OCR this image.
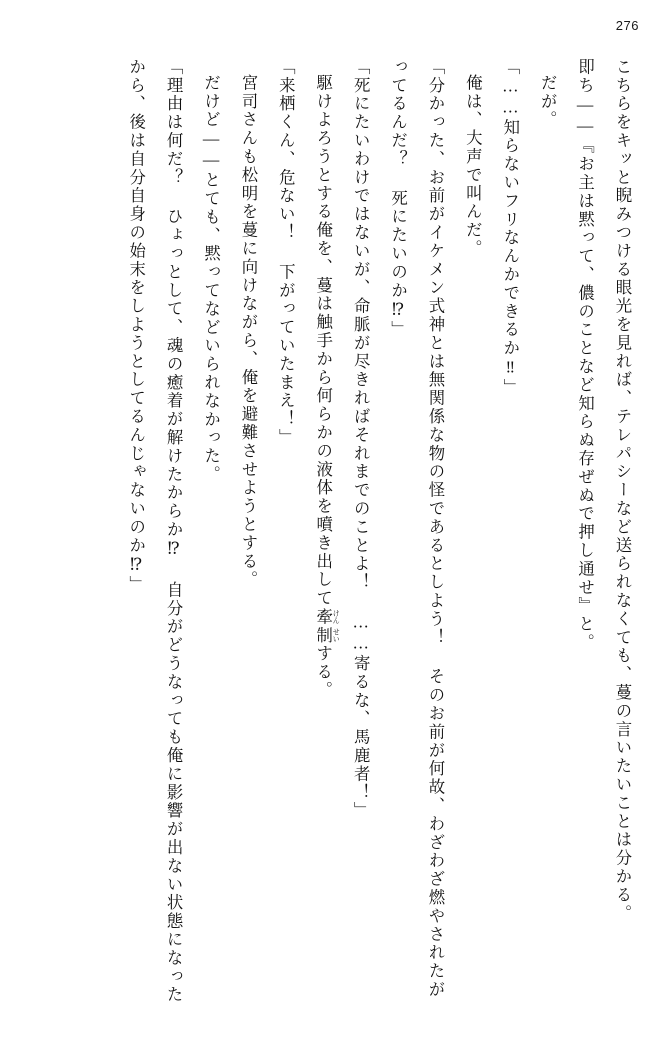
276

こちらをキッと睨みつける眼光を見れば、テレパシーなど送られなくても、蔓の言いたいことは分かる。

即ち――『お主は黙って、儂のことなど知らぬ存ぜぬで押し通せ』と。

だが。

「……知らないフリなんかできるか‼」

俺は、大声で叫んだ。

「分かった、お前がイケメン式神とは無関係な物の怪であるとしよう！ そのお前が何故、わざわざ燃やされたがってるんだ？ 死にたいのか⁉」

「死にたいわけではないが、命脈が尽きればそれまでのことよ！ ……寄るな、馬鹿者！」

駆けよろうとする俺を、蔓は触手から何らかの液体を噴き出して牽 けん制 せいする。

「来栖くん、危ない！ 下がっていたまえ！」

宮司さんも松明を蔓に向けながら、俺を避難させようとする。

だけど――とても、黙ってなどいられなかった。

「理由は何だ？ ひょっとして、魂の癒着が解けたからか⁉ 自分がどうなっても俺に影響が出ない状態になったから、後は自分自身の始末をしようとしてるんじゃないのか⁉」
